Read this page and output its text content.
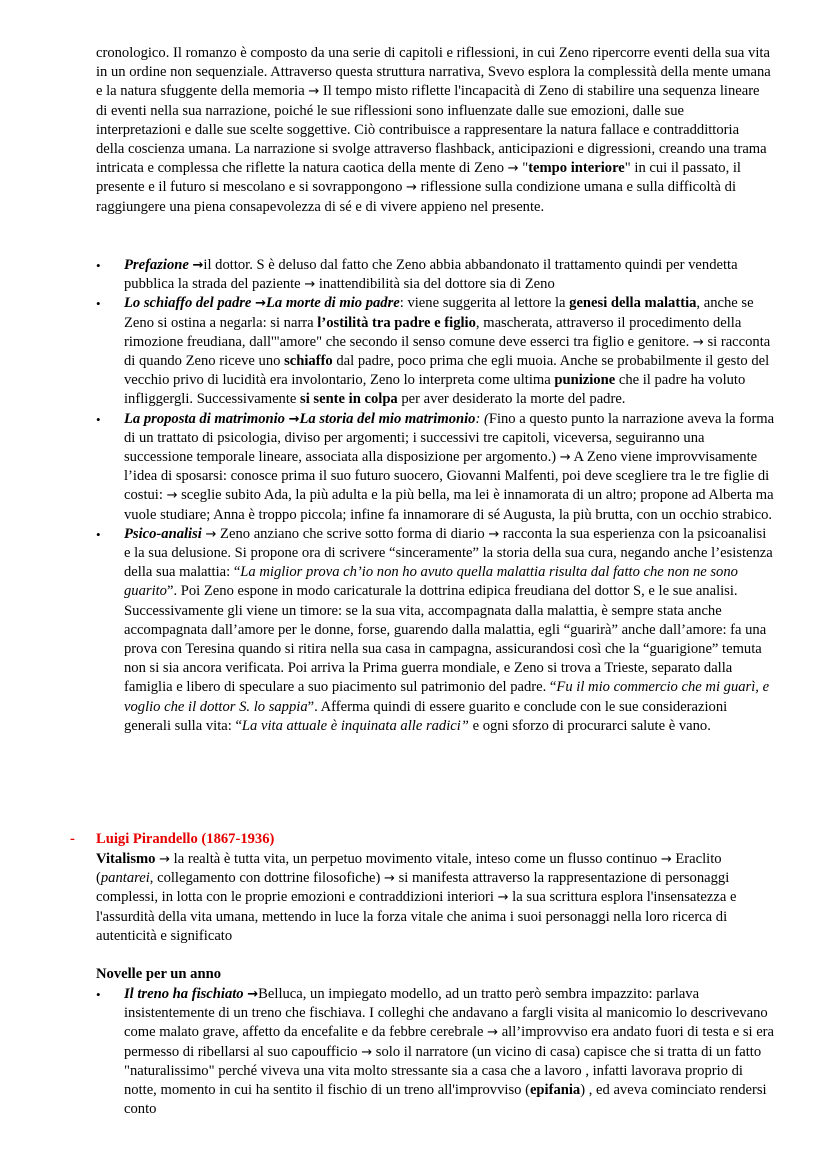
cronologico. Il romanzo è composto da una serie di capitoli e riflessioni, in cui Zeno ripercorre eventi della sua vita in un ordine non sequenziale. Attraverso questa struttura narrativa, Svevo esplora la complessità della mente umana e la natura sfuggente della memoria → Il tempo misto riflette l'incapacità di Zeno di stabilire una sequenza lineare di eventi nella sua narrazione, poiché le sue riflessioni sono influenzate dalle sue emozioni, dalle sue interpretazioni e dalle sue scelte soggettive. Ciò contribuisce a rappresentare la natura fallace e contraddittoria della coscienza umana. La narrazione si svolge attraverso flashback, anticipazioni e digressioni, creando una trama intricata e complessa che riflette la natura caotica della mente di Zeno → "tempo interiore" in cui il passato, il presente e il futuro si mescolano e si sovrappongono → riflessione sulla condizione umana e sulla difficoltà di raggiungere una piena consapevolezza di sé e di vivere appieno nel presente.

• Prefazione →il dottor. S è deluso dal fatto che Zeno abbia abbandonato il trattamento quindi per vendetta pubblica la strada del paziente → inattendibilità sia del dottore sia di Zeno
• Lo schiaffo del padre →La morte di mio padre: viene suggerita al lettore la genesi della malattia, anche se Zeno si ostina a negarla: si narra l’ostilità tra padre e figlio, mascherata, attraverso il procedimento della rimozione freudiana, dall'"amore" che secondo il senso comune deve esserci tra figlio e genitore. → si racconta di quando Zeno riceve uno schiaffo dal padre, poco prima che egli muoia. Anche se probabilmente il gesto del vecchio privo di lucidità era involontario, Zeno lo interpreta come ultima punizione che il padre ha voluto infliggergli. Successivamente si sente in colpa per aver desiderato la morte del padre.
• La proposta di matrimonio →La storia del mio matrimonio: (Fino a questo punto la narrazione aveva la forma di un trattato di psicologia, diviso per argomenti; i successivi tre capitoli, viceversa, seguiranno una successione temporale lineare, associata alla disposizione per argomento.) → A Zeno viene improvvisamente l’idea di sposarsi: conosce prima il suo futuro suocero, Giovanni Malfenti, poi deve scegliere tra le tre figlie di costui: → sceglie subito Ada, la più adulta e la più bella, ma lei è innamorata di un altro; propone ad Alberta ma vuole studiare; Anna è troppo piccola; infine fa innamorare di sé Augusta, la più brutta, con un occhio strabico.
• Psico-analisi → Zeno anziano che scrive sotto forma di diario → racconta la sua esperienza con la psicoanalisi e la sua delusione. Si propone ora di scrivere “sinceramente” la storia della sua cura, negando anche l’esistenza della sua malattia: “La miglior prova ch’io non ho avuto quella malattia risulta dal fatto che non ne sono guarito”. Poi Zeno espone in modo caricaturale la dottrina edipica freudiana del dottor S, e le sue analisi. Successivamente gli viene un timore: se la sua vita, accompagnata dalla malattia, è sempre stata anche accompagnata dall’amore per le donne, forse, guarendo dalla malattia, egli “guarirà” anche dall’amore: fa una prova con Teresina quando si ritira nella sua casa in campagna, assicurandosi così che la “guarigione” temuta non si sia ancora verificata. Poi arriva la Prima guerra mondiale, e Zeno si trova a Trieste, separato dalla famiglia e libero di speculare a suo piacimento sul patrimonio del padre. “Fu il mio commercio che mi guarì, e voglio che il dottor S. lo sappia”. Afferma quindi di essere guarito e conclude con le sue considerazioni generali sulla vita: “La vita attuale è inquinata alle radici” e ogni sforzo di procurarci salute è vano.
- Luigi Pirandello (1867-1936)

Vitalismo → la realtà è tutta vita, un perpetuo movimento vitale, inteso come un flusso continuo → Eraclito (pantarei, collegamento con dottrine filosofiche) → si manifesta attraverso la rappresentazione di personaggi complessi, in lotta con le proprie emozioni e contraddizioni interiori → la sua scrittura esplora l'insensatezza e l'assurdità della vita umana, mettendo in luce la forza vitale che anima i suoi personaggi nella loro ricerca di autenticità e significato

Novelle per un anno

• Il treno ha fischiato →Belluca, un impiegato modello, ad un tratto però sembra impazzito: parlava insistentemente di un treno che fischiava. I colleghi che andavano a fargli visita al manicomio lo descrivevano come malato grave, affetto da encefalite e da febbre cerebrale → all’improvviso era andato fuori di testa e si era permesso di ribellarsi al suo capoufficio → solo il narratore (un vicino di casa) capisce che si tratta di un fatto "naturalissimo" perché viveva una vita molto stressante sia a casa che a lavoro , infatti lavorava proprio di notte, momento in cui ha sentito il fischio di un treno all'improvviso (epifania) , ed aveva cominciato rendersi conto
